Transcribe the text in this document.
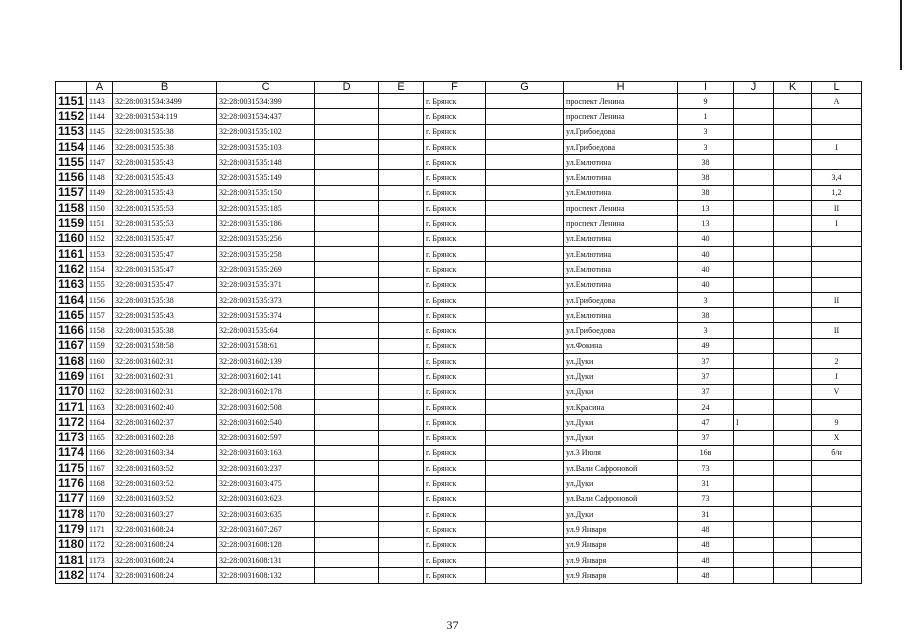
	A	B	C	D	E	F	G	H	I	J	K	L
1151	1143	32:28:0031534:3499	32:28:0031534:399			г. Брянск		проспект Ленина	9			А
1152	1144	32:28:0031534:119	32:28:0031534:437			г. Брянск		проспект Ленина	1			
1153	1145	32:28:0031535:38	32:28:0031535:102			г. Брянск		ул.Грибоедова	3			
1154	1146	32:28:0031535:38	32:28:0031535:103			г. Брянск		ул.Грибоедова	3			I
1155	1147	32:28:0031535:43	32:28:0031535:148			г. Брянск		ул.Емлютина	38			
1156	1148	32:28:0031535:43	32:28:0031535:149			г. Брянск		ул.Емлютина	38			3,4
1157	1149	32:28:0031535:43	32:28:0031535:150			г. Брянск		ул.Емлютина	38			1,2
1158	1150	32:28:0031535:53	32:28:0031535:185			г. Брянск		проспект Ленина	13			II
1159	1151	32:28:0031535:53	32:28:0031535:186			г. Брянск		проспект Ленина	13			I
1160	1152	32:28:0031535:47	32:28:0031535:256			г. Брянск		ул.Емлютина	40			
1161	1153	32:28:0031535:47	32:28:0031535:258			г. Брянск		ул.Емлютина	40			
1162	1154	32:28:0031535:47	32:28:0031535:269			г. Брянск		ул.Емлютина	40			
1163	1155	32:28:0031535:47	32:28:0031535:371			г. Брянск		ул.Емлютина	40			
1164	1156	32:28:0031535:38	32:28:0031535:373			г. Брянск		ул.Грибоедова	3			II
1165	1157	32:28:0031535:43	32:28:0031535:374			г. Брянск		ул.Емлютина	38			
1166	1158	32:28:0031535:38	32:28:0031535:64			г. Брянск		ул.Грибоедова	3			II
1167	1159	32:28:0031538:58	32:28:0031538:61			г. Брянск		ул.Фокина	49			
1168	1160	32:28:0031602:31	32:28:0031602:139			г. Брянск		ул.Дуки	37			2
1169	1161	32:28:0031602:31	32:28:0031602:141			г. Брянск		ул.Дуки	37			I
1170	1162	32:28:0031602:31	32:28:0031602:178			г. Брянск		ул.Дуки	37			V
1171	1163	32:28:0031602:40	32:28:0031602:508			г. Брянск		ул.Красина	24			
1172	1164	32:28:0031602:37	32:28:0031602:540			г. Брянск		ул.Дуки	47	I		9
1173	1165	32:28:0031602:28	32:28:0031602:597			г. Брянск		ул.Дуки	37			X
1174	1166	32:28:0031603:34	32:28:0031603:163			г. Брянск		ул.3 Июля	16в			б/н
1175	1167	32:28:0031603:52	32:28:0031603:237			г. Брянск		ул.Вали Сафроновой	73			
1176	1168	32:28:0031603:52	32:28:0031603:475			г. Брянск		ул.Дуки	31			
1177	1169	32:28:0031603:52	32:28:0031603:623			г. Брянск		ул.Вали Сафроновой	73			
1178	1170	32:28:0031603:27	32:28:0031603:635			г. Брянск		ул.Дуки	31			
1179	1171	32:28:0031608:24	32:28:0031607:267			г. Брянск		ул.9 Января	48			
1180	1172	32:28:0031608:24	32:28:0031608:128			г. Брянск		ул.9 Января	48			
1181	1173	32:28:0031608:24	32:28:0031608:131			г. Брянск		ул.9 Января	48			
1182	1174	32:28:0031608:24	32:28:0031608:132			г. Брянск		ул.9 Января	48			
37
